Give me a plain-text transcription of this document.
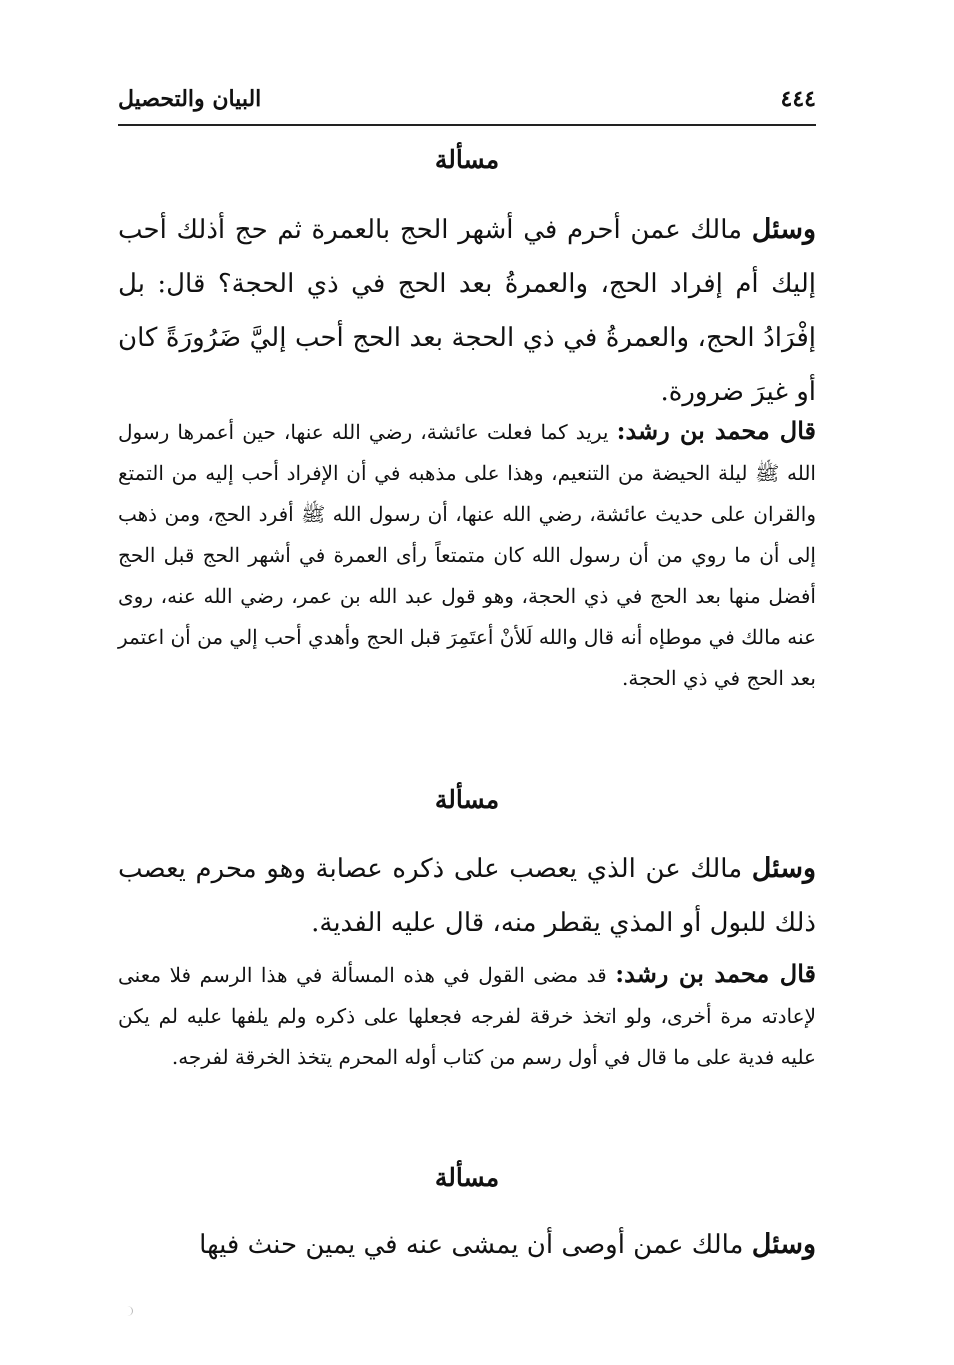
البيان والتحصيل	٤٤٤
مسألة
وسئل مالك عمن أحرم في أشهر الحج بالعمرة ثم حج أذلك أحب إليك أم إفراد الحج، والعمرةُ بعد الحج في ذي الحجة؟ قال: بل إفْرَادُ الحج، والعمرةُ في ذي الحجة بعد الحج أحب إليَّ ضَرُورَةً كان أو غيرَ ضرورة.
قال محمد بن رشد: يريد كما فعلت عائشة، رضي الله عنها، حين أعمرها رسول الله ﷺ ليلة الحيضة من التنعيم، وهذا على مذهبه في أن الإفراد أحب إليه من التمتع والقران على حديث عائشة، رضي الله عنها، أن رسول الله ﷺ أفرد الحج، ومن ذهب إلى أن ما روي من أن رسول الله كان متمتعاً رأى العمرة في أشهر الحج قبل الحج أفضل منها بعد الحج في ذي الحجة، وهو قول عبد الله بن عمر، رضي الله عنه، روى عنه مالك في موطإه أنه قال والله لَلأنْ أعتَمِرَ قبل الحج وأهدي أحب إلي من أن اعتمر بعد الحج في ذي الحجة.
مسألة
وسئل مالك عن الذي يعصب على ذكره عصابة وهو محرم يعصب ذلك للبول أو المذي يقطر منه، قال عليه الفدية.
قال محمد بن رشد: قد مضى القول في هذه المسألة في هذا الرسم فلا معنى لإعادته مرة أخرى، ولو اتخذ خرقة لفرجه فجعلها على ذكره ولم يلفها عليه لم يكن عليه فدية على ما قال في أول رسم من كتاب أوله المحرم يتخذ الخرقة لفرجه.
مسألة
وسئل مالك عمن أوصى أن يمشى عنه في يمين حنث فيها
